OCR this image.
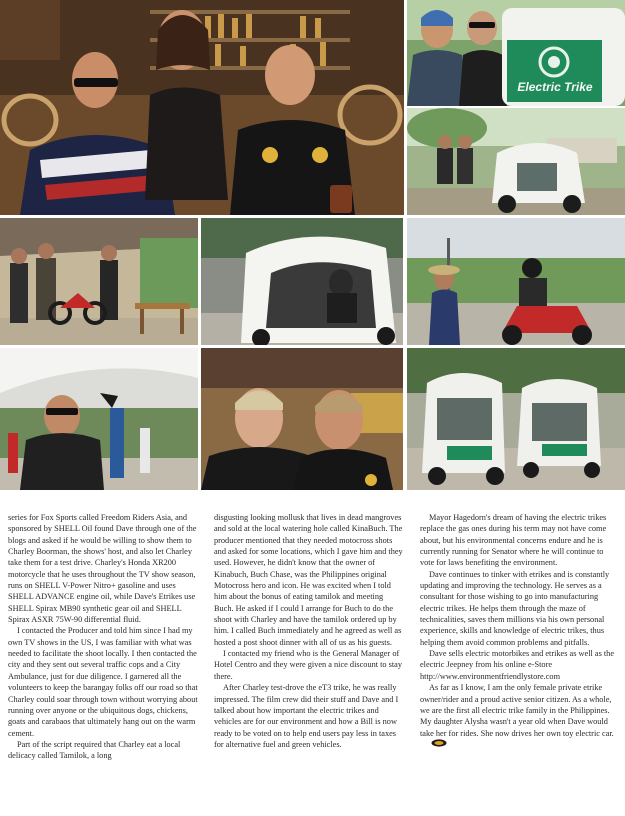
Electric Trike

series for Fox Sports called Freedom Riders Asia, and sponsored by SHELL Oil found Dave through one of the blogs and asked if he would be willing to show them to Charley Boorman, the shows' host, and also let Charley take them for a test drive. Charley's Honda XR200 motorcycle that he uses throughout the TV show season, runs on SHELL V-Power Nitro+ gasoline and uses SHELL ADVANCE engine oil, while Dave's Etrikes use SHELL Spirax MB90 synthetic gear oil and SHELL Spirax ASXR 75W-90 differential fluid.

I contacted the Producer and told him since I had my own TV shows in the US, I was familiar with what was needed to facilitate the shoot locally. I then contacted the city and they sent out several traffic cops and a City Ambulance, just for due diligence. I garnered all the volunteers to keep the barangay folks off our road so that Charley could soar through town without worrying about running over anyone or the ubiquitous dogs, chickens, goats and carabaos that ultimately hang out on the warm cement.

Part of the script required that Charley eat a local delicacy called Tamilok, a long

disgusting looking mollusk that lives in dead mangroves and sold at the local watering hole called KinaBuch. The producer mentioned that they needed motocross shots and asked for some locations, which I gave him and they used. However, he didn't know that the owner of Kinabuch, Buch Chase, was the Philippines original Motocross hero and icon. He was excited when I told him about the bonus of eating tamilok and meeting Buch. He asked if I could I arrange for Buch to do the shoot with Charley and have the tamilok ordered up by him. I called Buch immediately and he agreed as well as hosted a post shoot dinner with all of us as his guests.

I contacted my friend who is the General Manager of Hotel Centro and they were given a nice discount to stay there.

After Charley test-drove the eT3 trike, he was really impressed. The film crew did their stuff and Dave and I talked about how important the electric trikes and vehicles are for our environment and how a Bill is now ready to be voted on to help end users pay less in taxes for alternative fuel and green vehicles.

Mayor Hagedorn's dream of having the electric trikes replace the gas ones during his term may not have come about, but his environmental concerns endure and he is currently running for Senator where he will continue to vote for laws benefiting the environment.

Dave continues to tinker with etrikes and is constantly updating and improving the technology. He serves as a consultant for those wishing to go into manufacturing electric trikes. He helps them through the maze of technicalities, saves them millions via his own personal experience, skills and knowledge of electric trikes, thus helping them avoid common problems and pitfalls.

Dave sells electric motorbikes and etrikes as well as the electric Jeepney from his online e-Store http://www.environmentfriendlystore.com

As far as I know, I am the only female private etrike owner/rider and a proud active senior citizen. As a whole, we are the first all electric trike family in the Philippines. My daughter Alysha wasn't a year old when Dave would take her for rides. She now drives her own toy electric car.
